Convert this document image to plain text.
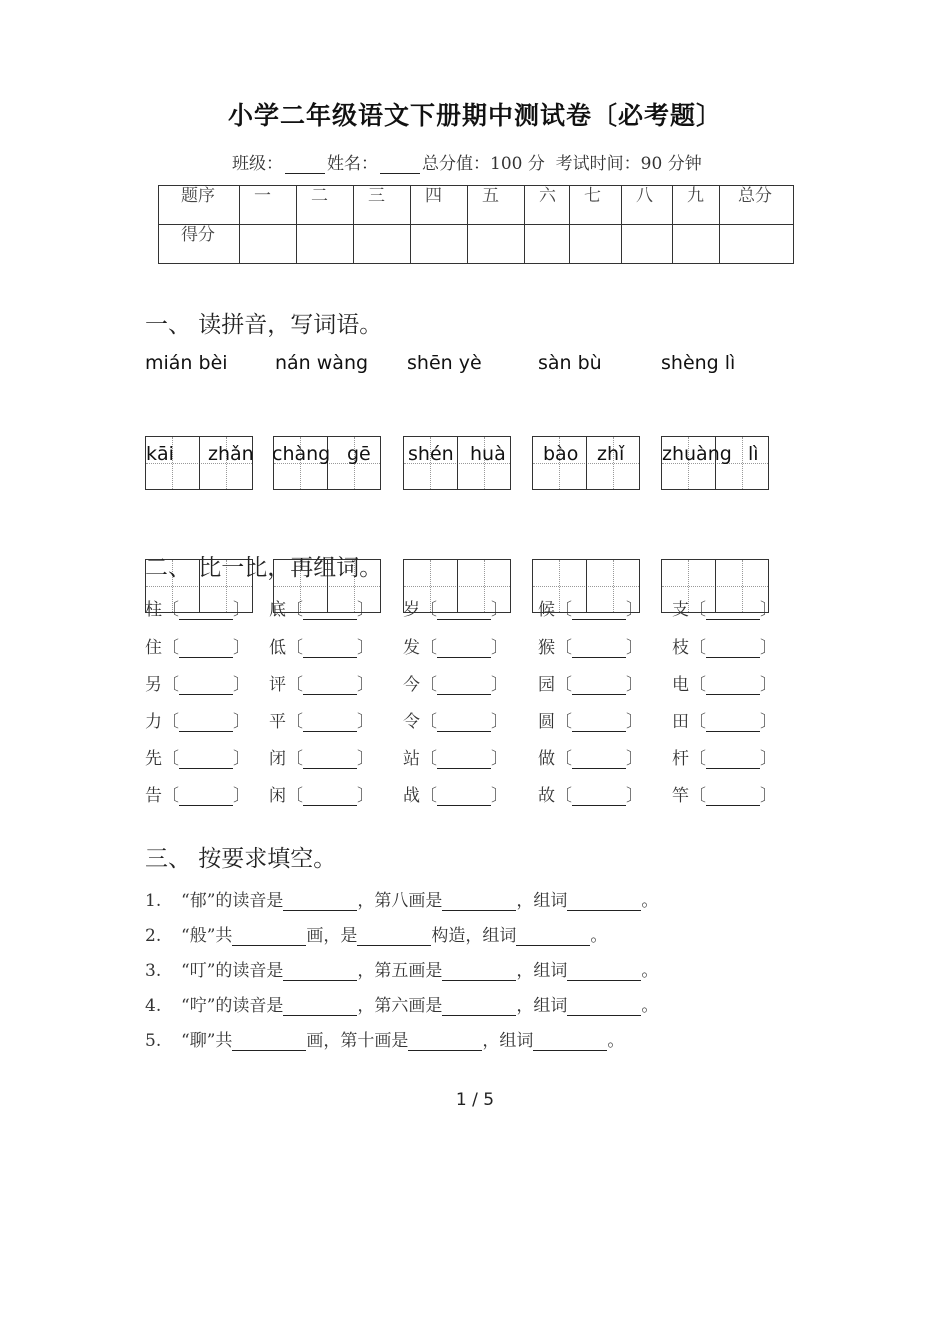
小学二年级语文下册期中测试卷〔必考题〕
班级：	姓名：	总分值：100 分 考试时间：90 分钟
题序	一	二	三	四	五	六	七	八	九	总分
得分										
一、 读拼音，写词语。
mián bèi nán wàng shēn yè	sàn bù	shèng lì
kāi zhǎn chàng gē shén huà bào zhǐ zhuàng lì
二、 比一比，再组词。
柱〔	〕 底〔	〕 岁〔	〕 候〔	〕 支〔	〕
住〔	〕 低〔	〕 发〔	〕 猴〔	〕 枝〔	〕
另〔	〕 评〔	〕 今〔	〕 园〔	〕 电〔	〕
力〔	〕 平〔	〕 令〔	〕 圆〔	〕 田〔	〕
先〔	〕 闭〔	〕 站〔	〕 做〔	〕 杆〔	〕
告〔	〕 闲〔	〕 战〔	〕 故〔	〕 竿〔	〕
三、 按要求填空。
1. “郁”的读音是	，第八画是	，组词	。
2. “般”共	画，是	构造，组词	。
3. “叮”的读音是	，第五画是	，组词	。
4. “咛”的读音是	，第六画是	，组词	。
5. “聊”共	画，第十画是	，组词	。
1 / 5
